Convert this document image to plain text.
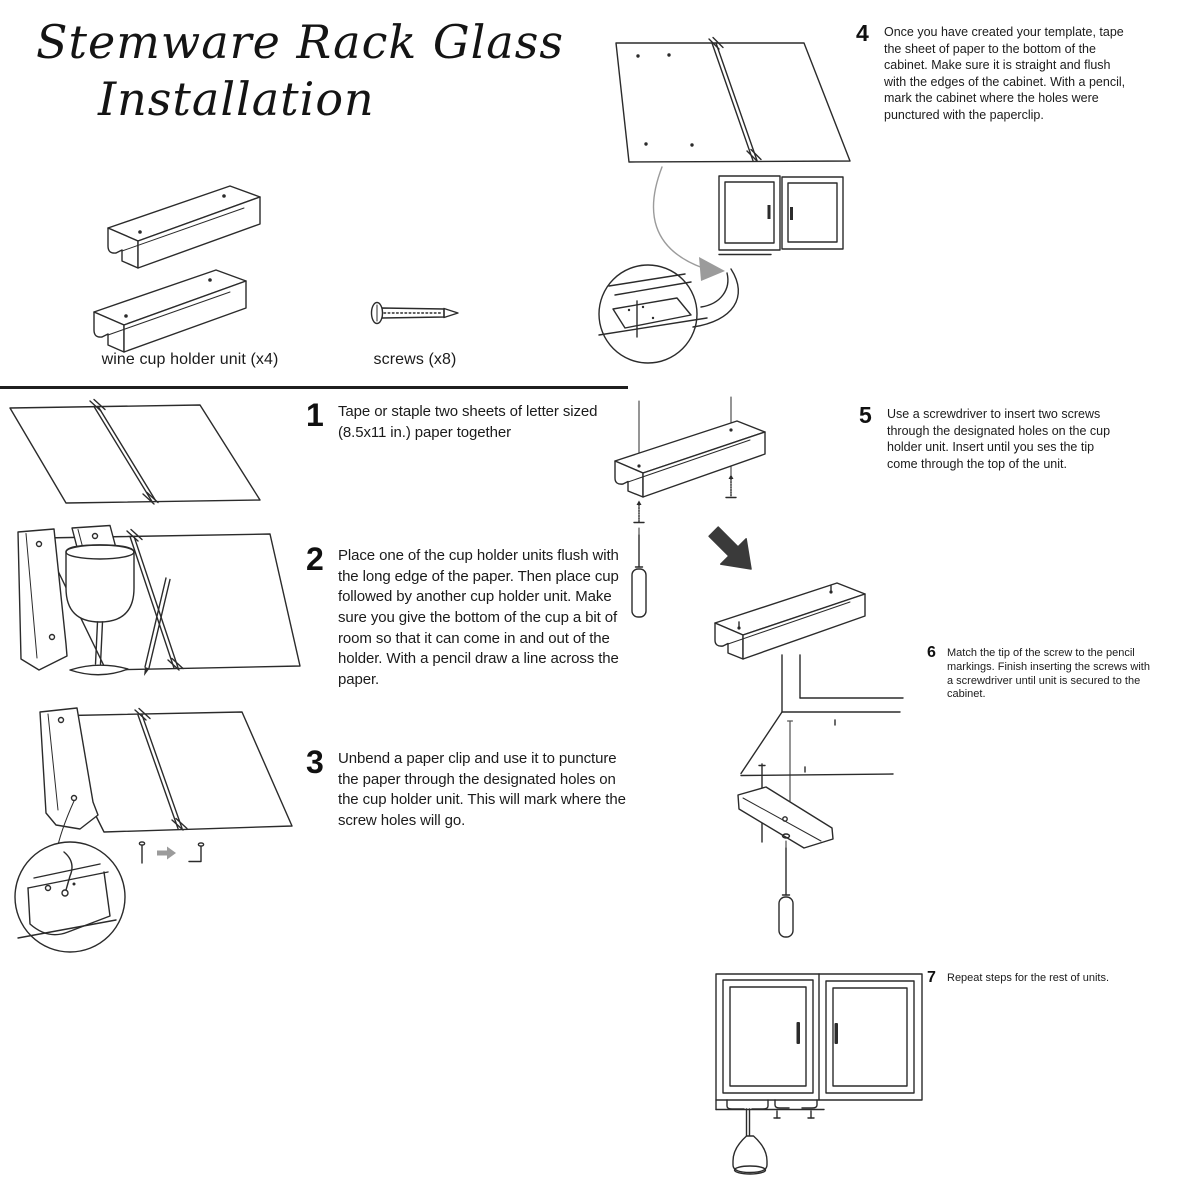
Stemware Rack Glass
Installation
wine cup holder unit (x4)	screws (x8)
1 Tape or staple two sheets of letter sized (8.5x11 in.) paper together
2 Place one of the cup holder units flush with the long edge of the paper. Then place cup followed by another cup holder unit. Make sure you give the bottom of the cup a bit of room so that it can come in and out of the holder. With a pencil draw a line across the paper.
3 Unbend a paper clip and use it to puncture the paper through the designated holes on the cup holder unit. This will mark where the screw holes will go.
4 Once you have created your template, tape the sheet of paper to the bottom of the cabinet. Make sure it is straight and flush with the edges of the cabinet. With a pencil, mark the cabinet where the holes were punctured with the paperclip.
5 Use a screwdriver to insert two screws through the designated holes on the cup holder unit. Insert until you ses the tip come through the top of the unit.
6 Match the tip of the screw to the pencil markings. Finish inserting the screws with a screwdriver until unit is secured to the cabinet.
7 Repeat steps for the rest of units.
